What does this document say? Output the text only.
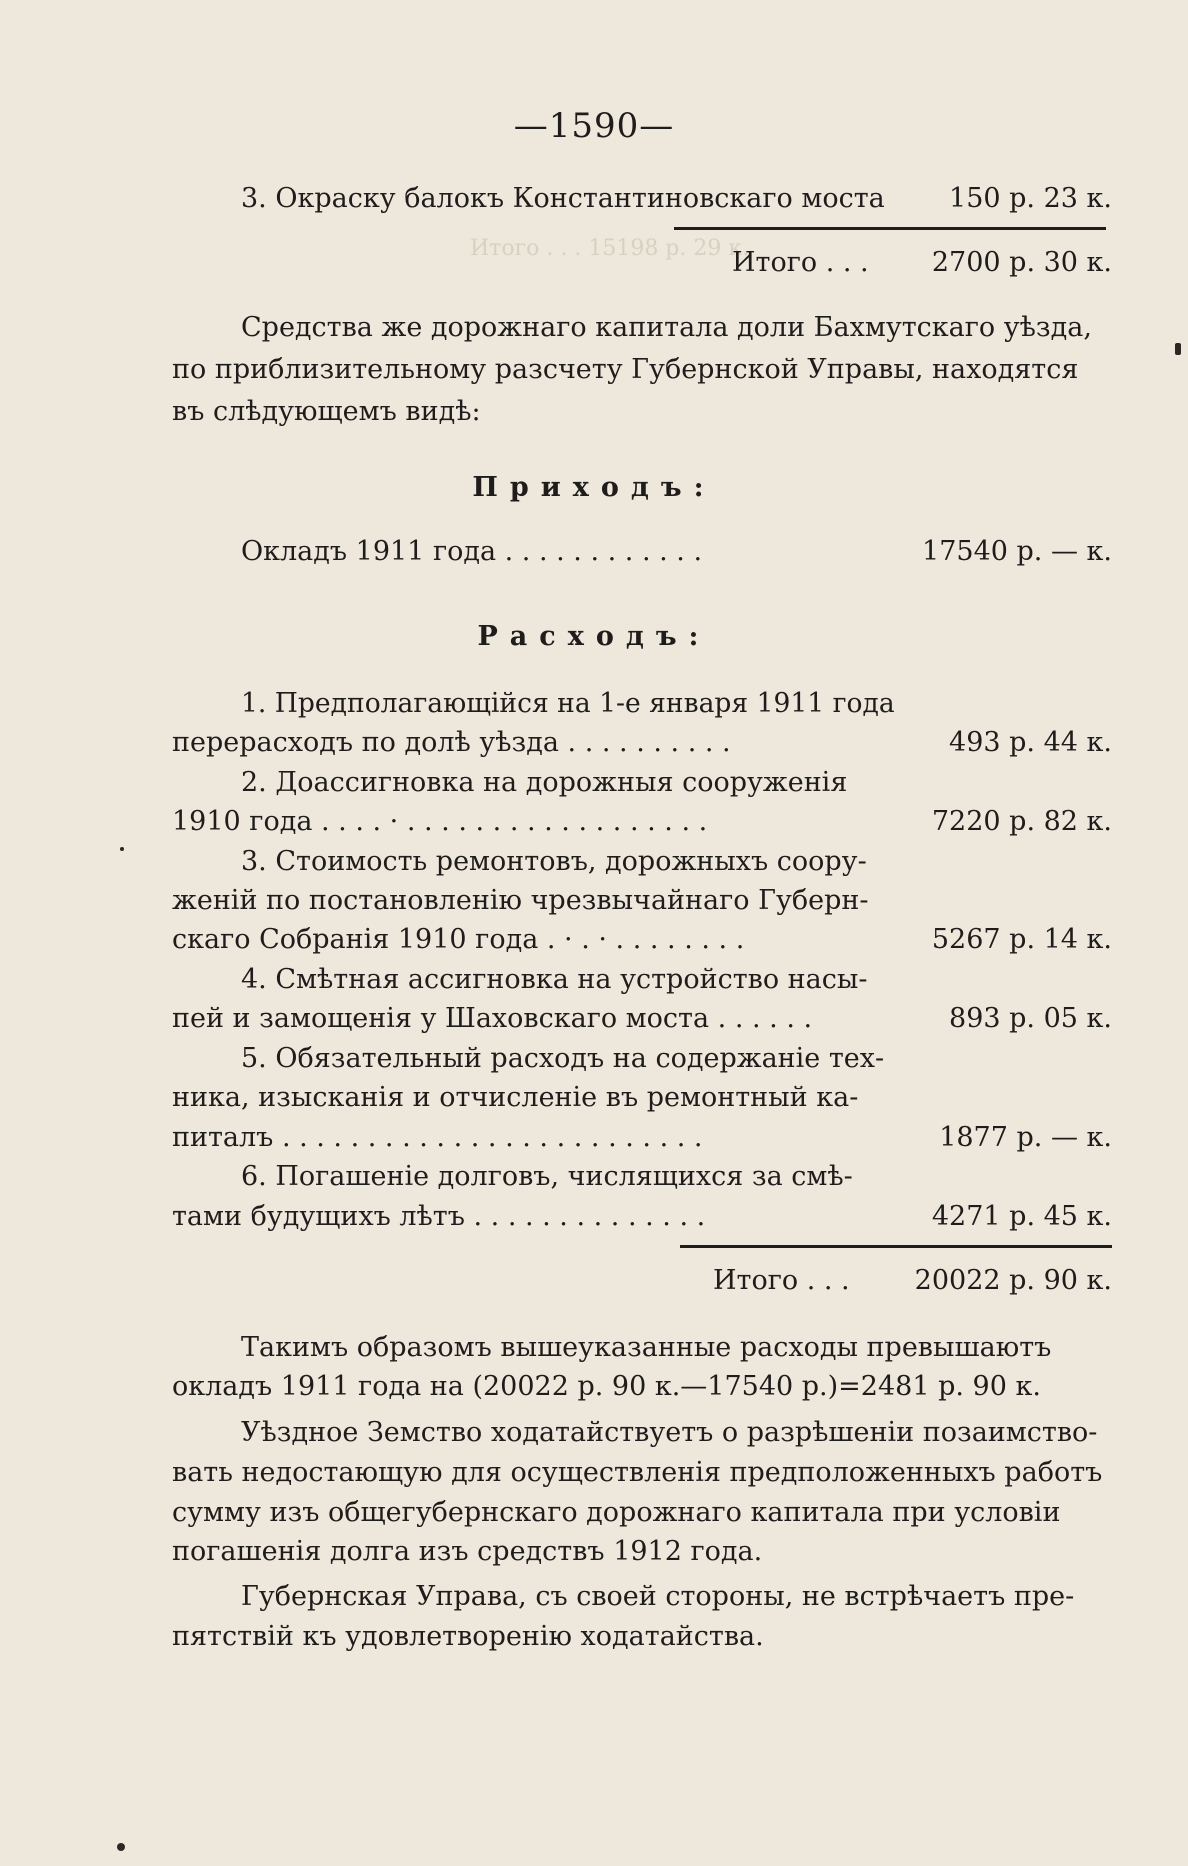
Итого . . . 15198 р. 29 к.
—1590—
3. Окраску балокъ Константиновскаго моста 150 р. 23 к.
Итого . . . 2700 р. 30 к.
Средства же дорожнаго капитала доли Бахмутскаго уѣзда,
по приблизительному разсчету Губернской Управы, находятся
въ слѣдующемъ видѣ:
Приходъ:
Окладъ 1911 года . . . . . . . . . . . .	17540 р. — к.
Расходъ:
1. Предполагающійся на 1-е января 1911 года
перерасходъ по долѣ уѣзда . . . . . . . . . .	493 р. 44 к.
2. Доассигновка на дорожныя сооруженія
1910 года . . . . · . . . . . . . . . . . . . . . . . .	7220 р. 82 к.
3. Стоимость ремонтовъ, дорожныхъ соору-
женій по постановленію чрезвычайнаго Губерн-
скаго Собранія 1910 года . · . · . . . . . . . .	5267 р. 14 к.
4. Смѣтная ассигновка на устройство насы-
пей и замощенія у Шаховскаго моста . . . . . .	893 р. 05 к.
5. Обязательный расходъ на содержаніе тех-
ника, изысканія и отчисленіе въ ремонтный ка-
питалъ . . . . . . . . . . . . . . . . . . . . . . . . .	1877 р. — к.
6. Погашеніе долговъ, числящихся за смѣ-
тами будущихъ лѣтъ . . . . . . . . . . . . . .	4271 р. 45 к.
Итого . . . 20022 р. 90 к.
Такимъ образомъ вышеуказанные расходы превышаютъ
окладъ 1911 года на (20022 р. 90 к.—17540 р.)=2481 р. 90 к.
Уѣздное Земство ходатайствуетъ о разрѣшеніи позаимство-
вать недостающую для осуществленія предположенныхъ работъ
сумму изъ общегубернскаго дорожнаго капитала при условіи
погашенія долга изъ средствъ 1912 года.
Губернская Управа, съ своей стороны, не встрѣчаетъ пре-
пятствій къ удовлетворенію ходатайства.
